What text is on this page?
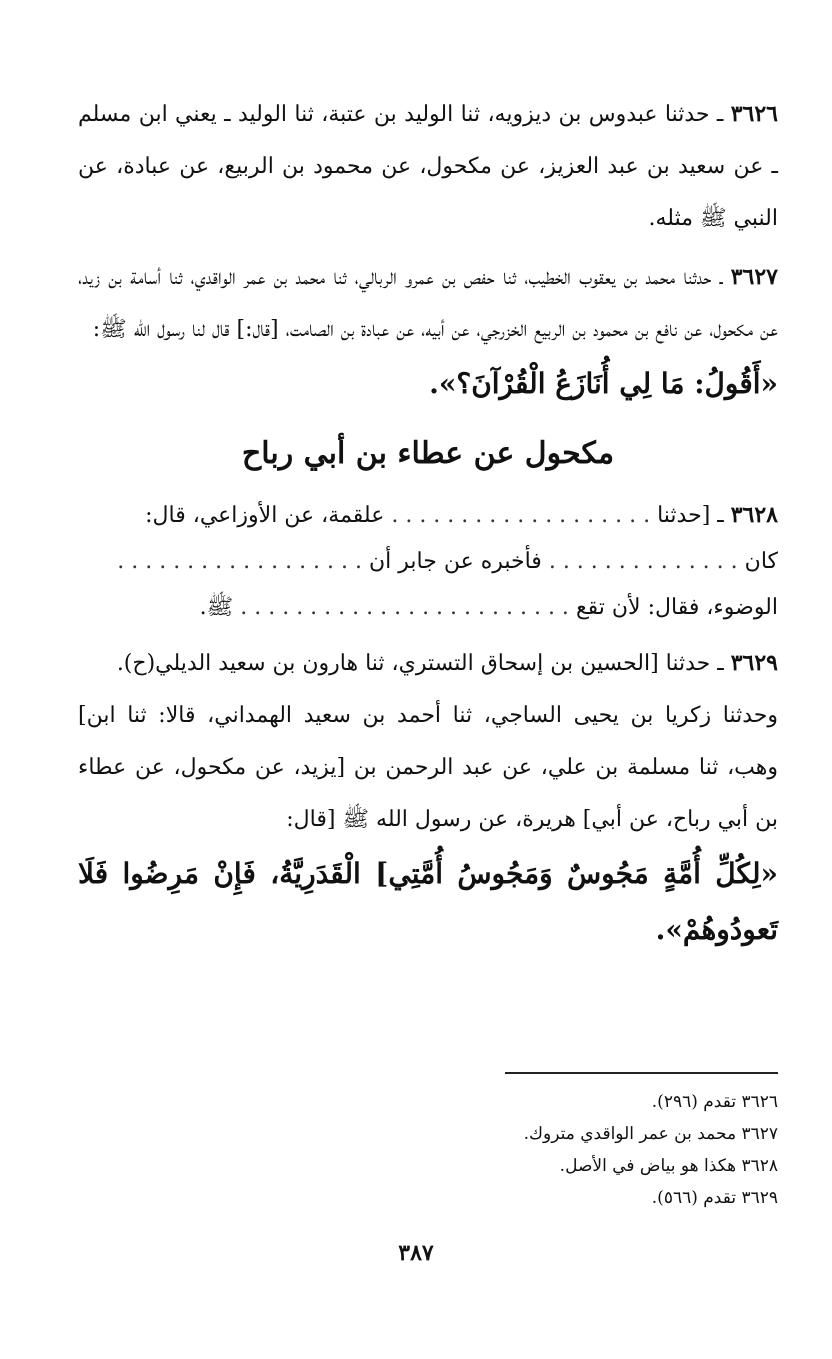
٣٦٢٦ ـ حدثنا عبدوس بن ديزويه، ثنا الوليد بن عتبة، ثنا الوليد ـ يعني ابن مسلم ـ عن سعيد بن عبد العزيز، عن مكحول، عن محمود بن الربيع، عن عبادة، عن النبي ﷺ مثله.

٣٦٢٧ ـ حدثنا محمد بن يعقوب الخطيب، ثنا حفص بن عمرو الربالي، ثنا محمد بن عمر الواقدي، ثنا أسامة بن زيد، عن مكحول، عن نافع بن محمود بن الربيع الخزرجي، عن أبيه، عن عبادة بن الصامت، [قال:] قال لنا رسول الله ﷺ:

«أَقُولُ: مَا لِي أُنَازَعُ الْقُرْآنَ؟».

مكحول عن عطاء بن أبي رباح
٣٦٢٨ ـ [حدثنا . . . . . . . . . . . . . . . . . . . علقمة، عن الأوزاعي، قال:
كان . . . . . . . . . . . . . . فأخبره عن جابر أن . . . . . . . . . . . . . . . . . .
الوضوء، فقال: لأن تقع . . . . . . . . . . . . . . . . . . . . . . . . ﷺ.

٣٦٢٩ ـ حدثنا [الحسين بن إسحاق التستري، ثنا هارون بن سعيد الديلي(ح).

وحدثنا زكريا بن يحيى الساجي، ثنا أحمد بن سعيد الهمداني، قالا: ثنا ابن] وهب، ثنا مسلمة بن علي، عن عبد الرحمن بن [يزيد، عن مكحول، عن عطاء بن أبي رباح، عن أبي] هريرة، عن رسول الله ﷺ [قال:

«لِكُلِّ أُمَّةٍ مَجُوسٌ وَمَجُوسُ أُمَّتِي] الْقَدَرِيَّةُ، فَإِنْ مَرِضُوا فَلَا تَعودُوهُمْ».

٣٦٢٦ تقدم (٢٩٦).

٣٦٢٧ محمد بن عمر الواقدي متروك.

٣٦٢٨ هكذا هو بياض في الأصل.

٣٦٢٩ تقدم (٥٦٦).

٣٨٧
